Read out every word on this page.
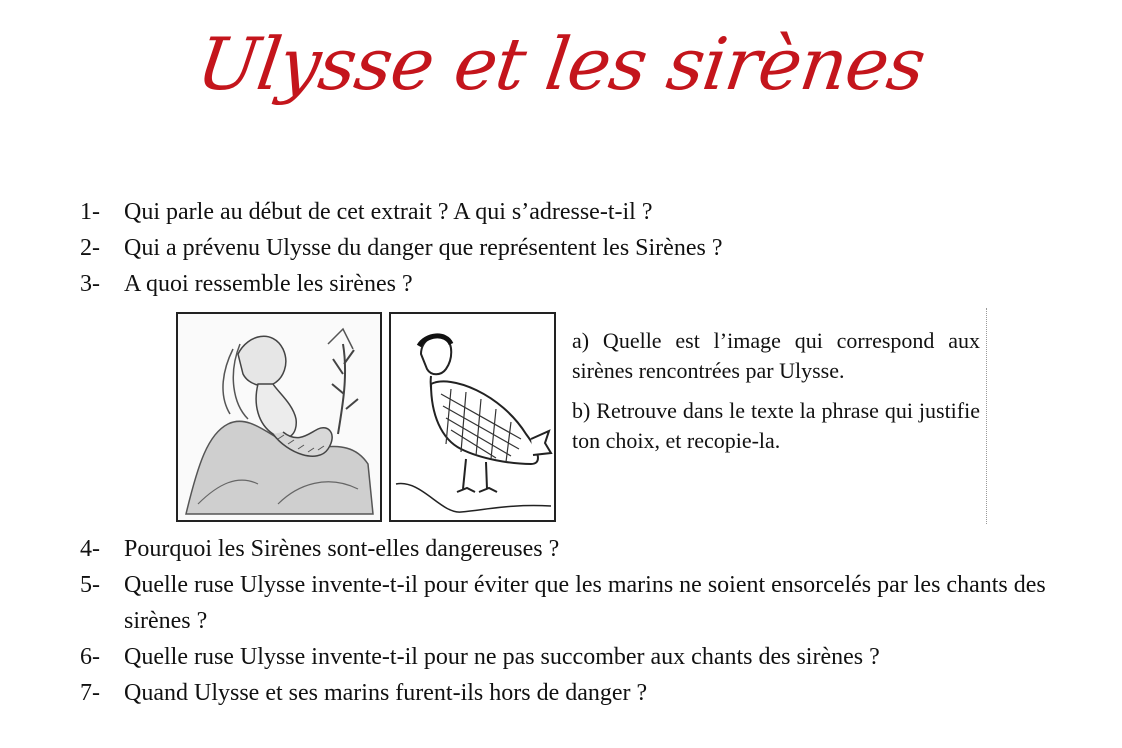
Ulysse et les sirènes
1-	Qui parle au début de cet extrait ? A qui s’adresse-t-il ?
2-	Qui a prévenu Ulysse du danger que représentent les Sirènes ?
3-	A quoi ressemble les sirènes ?
a) Quelle est l’image qui correspond aux sirènes rencontrées par Ulysse.
b) Retrouve dans le texte la phrase qui justifie ton choix, et recopie-la.
4-	Pourquoi les Sirènes sont-elles dangereuses ?
5-	Quelle ruse Ulysse invente-t-il pour éviter que les marins ne soient ensorcelés par les chants des sirènes ?
6-	Quelle ruse Ulysse invente-t-il pour ne pas succomber aux chants des sirènes ?
7-	Quand Ulysse et ses marins furent-ils hors de danger ?
